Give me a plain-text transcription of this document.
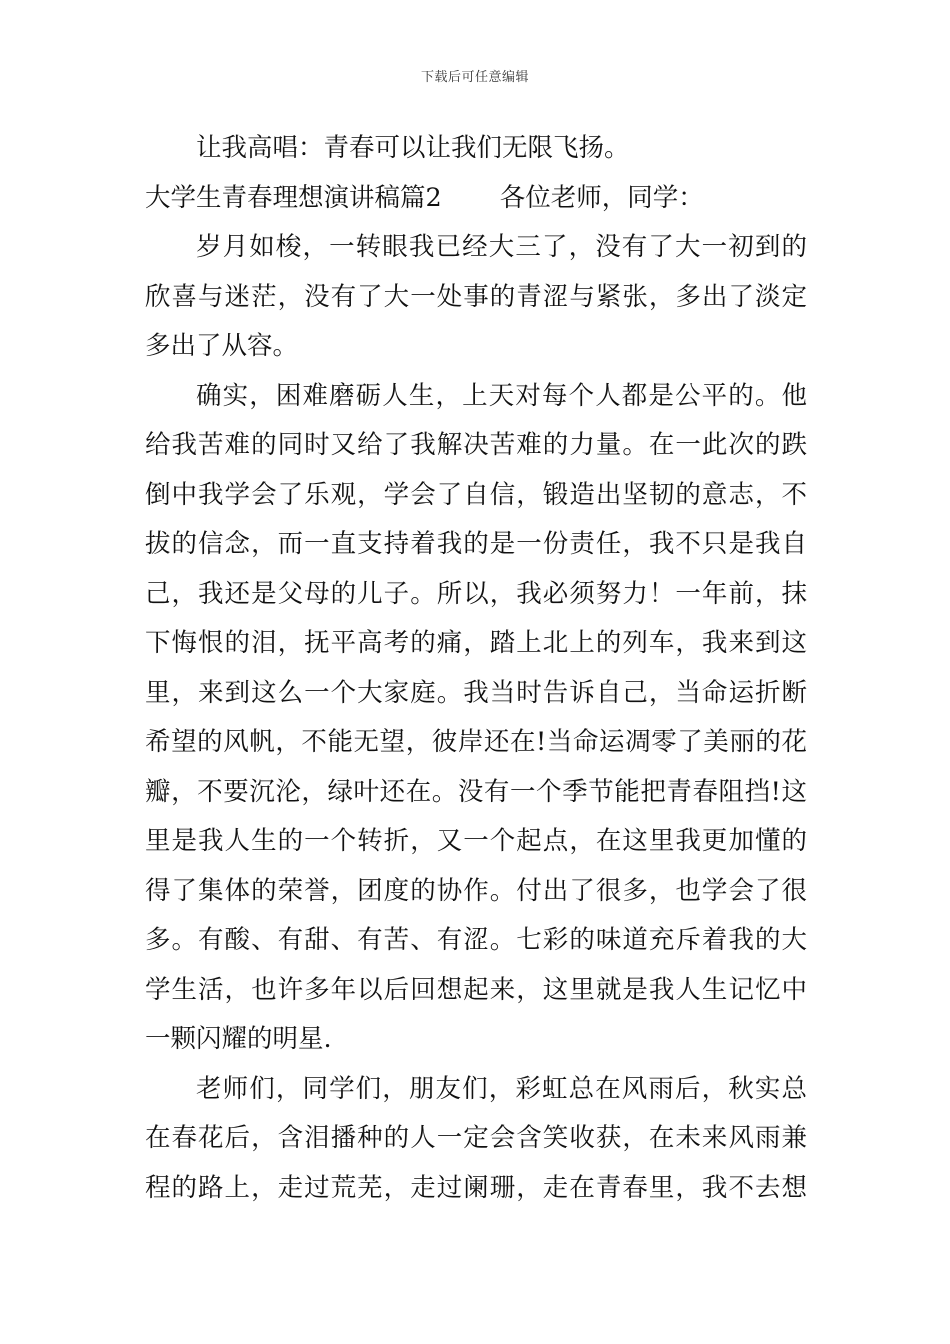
下载后可任意编辑
让我高唱：青春可以让我们无限飞扬。
大学生青春理想演讲稿篇2 各位老师，同学：
岁月如梭，一转眼我已经大三了，没有了大一初到的
欣喜与迷茫，没有了大一处事的青涩与紧张，多出了淡定
多出了从容。
确实，困难磨砺人生，上天对每个人都是公平的。他
给我苦难的同时又给了我解决苦难的力量。在一此次的跌
倒中我学会了乐观，学会了自信，锻造出坚韧的意志，不
拔的信念，而一直支持着我的是一份责任，我不只是我自
己，我还是父母的儿子。所以，我必须努力！一年前，抹
下悔恨的泪，抚平高考的痛，踏上北上的列车，我来到这
里，来到这么一个大家庭。我当时告诉自己，当命运折断
希望的风帆，不能无望，彼岸还在!当命运凋零了美丽的花
瓣，不要沉沦，绿叶还在。没有一个季节能把青春阻挡!这
里是我人生的一个转折，又一个起点，在这里我更加懂的
得了集体的荣誉，团度的协作。付出了很多，也学会了很
多。有酸、有甜、有苦、有涩。七彩的味道充斥着我的大
学生活，也许多年以后回想起来，这里就是我人生记忆中
一颗闪耀的明星.
老师们，同学们，朋友们，彩虹总在风雨后，秋实总
在春花后，含泪播种的人一定会含笑收获，在未来风雨兼
程的路上，走过荒芜，走过阑珊，走在青春里，我不去想
